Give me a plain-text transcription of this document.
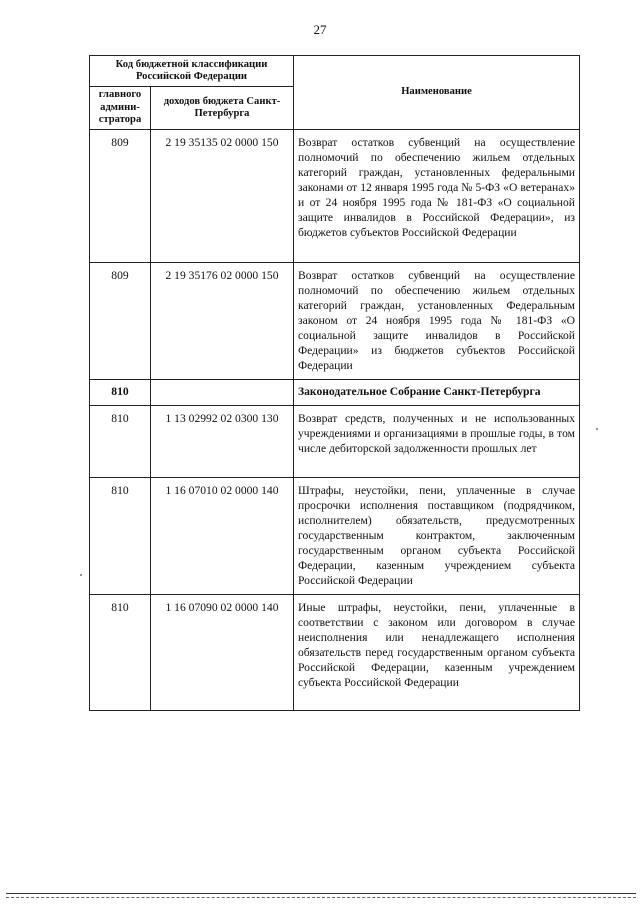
27
Код бюджетной классификации Российской Федерации		Наименование
главного админи-стратора	доходов бюджета Санкт-Петербурга	
809	2 19 35135 02 0000 150	Возврат остатков субвенций на осуществление полномочий по обеспечению жильем отдельных категорий граждан, установленных федеральными законами от 12 января 1995 года № 5-ФЗ «О ветеранах» и от 24 ноября 1995 года № 181-ФЗ «О социальной защите инвалидов в Российской Федерации», из бюджетов субъектов Российской Федерации
809	2 19 35176 02 0000 150	Возврат остатков субвенций на осуществление полномочий по обеспечению жильем отдельных категорий граждан, установленных Федеральным законом от 24 ноября 1995 года № 181-ФЗ «О социальной защите инвалидов в Российской Федерации» из бюджетов субъектов Российской Федерации
810		Законодательное Собрание Санкт-Петербурга
810	1 13 02992 02 0300 130	Возврат средств, полученных и не использованных учреждениями и организациями в прошлые годы, в том числе дебиторской задолженности прошлых лет
810	1 16 07010 02 0000 140	Штрафы, неустойки, пени, уплаченные в случае просрочки исполнения поставщиком (подрядчиком, исполнителем) обязательств, предусмотренных государственным контрактом, заключенным государственным органом субъекта Российской Федерации, казенным учреждением субъекта Российской Федерации
810	1 16 07090 02 0000 140	Иные штрафы, неустойки, пени, уплаченные в соответствии с законом или договором в случае неисполнения или ненадлежащего исполнения обязательств перед государственным органом субъекта Российской Федерации, казенным учреждением субъекта Российской Федерации
